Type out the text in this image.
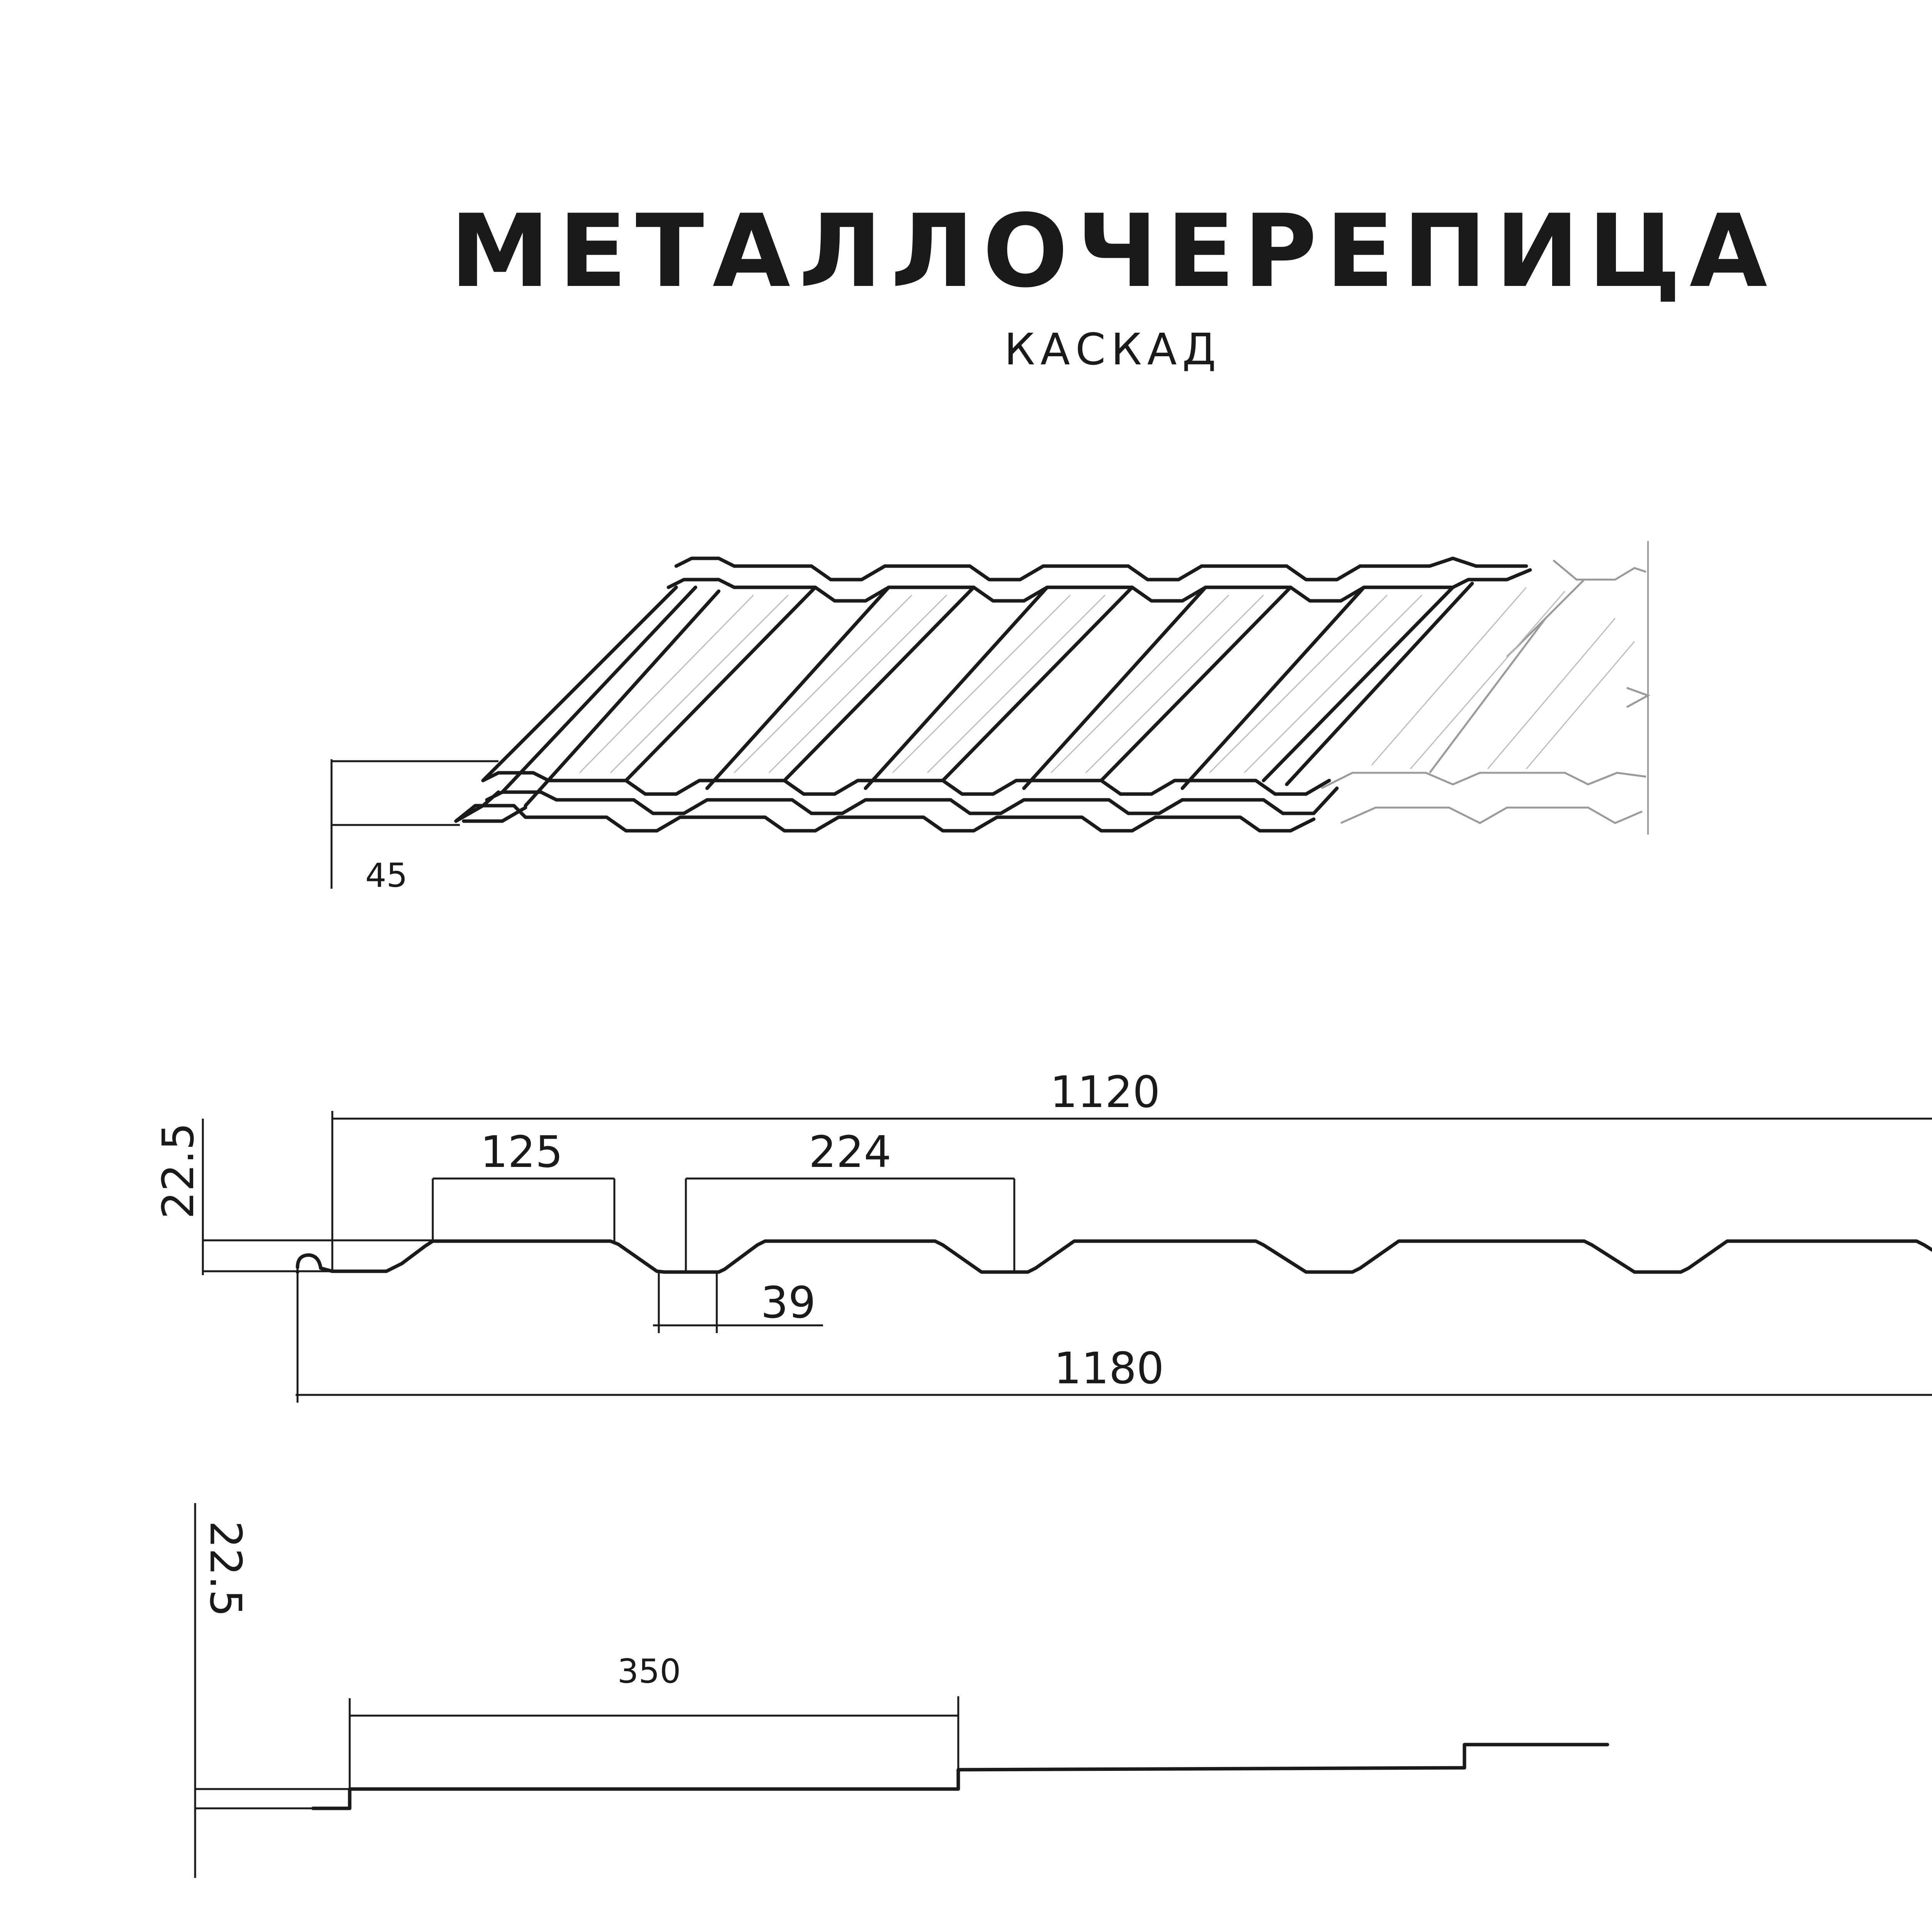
45
22.5
1120
125	224
39
1180
350
22.5
МЕТАЛЛОЧЕРЕПИЦА
КАСКАД
